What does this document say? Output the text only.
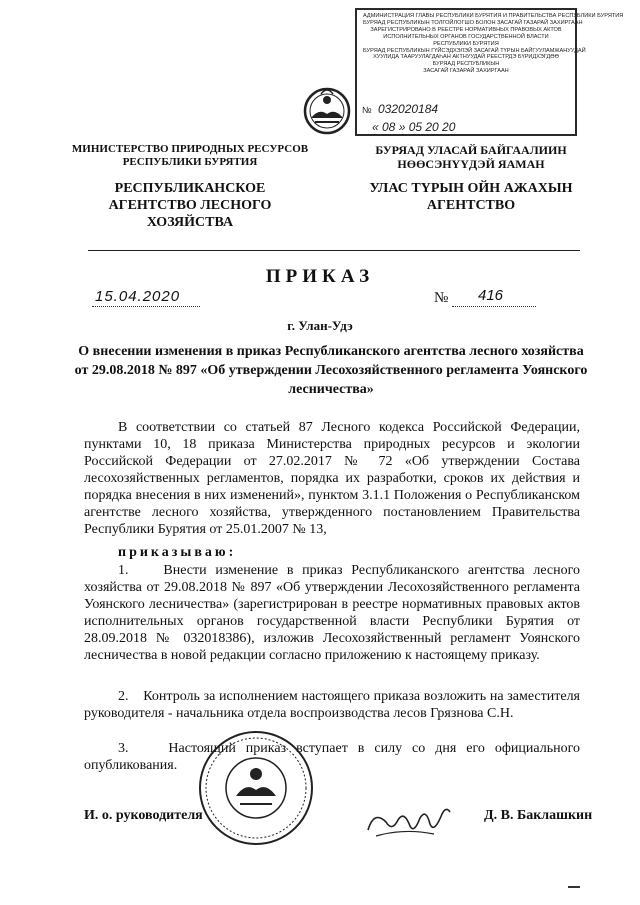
АДМИНИСТРАЦИЯ ГЛАВЫ РЕСПУБЛИКИ БУРЯТИЯ И ПРАВИТЕЛЬСТВА РЕСПУБЛИКИ БУРЯТИЯ
БУРЯАД РЕСПУБЛИКЫН ТОЛГОЙЛОГШО БОЛОН ЗАСАГАЙ ГАЗАРАЙ ЗАХИРГААН
ЗАРЕГИСТРИРОВАНО В РЕЕСТРЕ НОРМАТИВНЫХ ПРАВОВЫХ АКТОВ
ИСПОЛНИТЕЛЬНЫХ ОРГАНОВ ГОСУДАРСТВЕННОЙ ВЛАСТИ
РЕСПУБЛИКИ БУРЯТИЯ
БУРЯАД РЕСПУБЛИКЫН ГҮЙСЭДХЭЛЭЙ ЗАСАГАЙ ТҮРЫН БАЙГУУЛАМЖАНУУДАЙ
ХУУЛИДА ТААРУУЛАГДАҺАН АКТНУУДАЙ РЕЕСТРДЭ БҮРИДХЭГДӨӨ
БУРЯАД РЕСПУБЛИКЫН
ЗАСАГАЙ ГАЗАРАЙ ЗАХИРГААН
№ 032020184
« 08 » 05 20 20
МИНИСТЕРСТВО ПРИРОДНЫХ РЕСУРСОВ РЕСПУБЛИКИ БУРЯТИЯ
РЕСПУБЛИКАНСКОЕ АГЕНТСТВО ЛЕСНОГО ХОЗЯЙСТВА
БУРЯАД УЛАСАЙ БАЙГААЛИИН НӨӨСЭНҮҮДЭЙ ЯАМАН
УЛАС ТҮРЫН ОЙН АЖАХЫН АГЕНТСТВО
ПРИКАЗ
15.04.2020	№ 416
г. Улан-Удэ
О внесении изменения в приказ Республиканского агентства лесного хозяйства от 29.08.2018 № 897 «Об утверждении Лесохозяйственного регламента Уоянского лесничества»
В соответствии со статьей 87 Лесного кодекса Российской Федерации, пунктами 10, 18 приказа Министерства природных ресурсов и экологии Российской Федерации от 27.02.2017 № 72 «Об утверждении Состава лесохозяйственных регламентов, порядка их разработки, сроков их действия и порядка внесения в них изменений», пунктом 3.1.1 Положения о Республиканском агентстве лесного хозяйства, утвержденного постановлением Правительства Республики Бурятия от 25.01.2007 № 13,
приказываю:
1.    Внести изменение в приказ Республиканского агентства лесного хозяйства от 29.08.2018 № 897 «Об утверждении Лесохозяйственного регламента Уоянского лесничества» (зарегистрирован в реестре нормативных правовых актов исполнительных органов государственной власти Республики Бурятия от 28.09.2018 № 032018386), изложив Лесохозяйственный регламент Уоянского лесничества в новой редакции согласно приложению к настоящему приказу.
2.    Контроль за исполнением настоящего приказа возложить на заместителя руководителя - начальника отдела воспроизводства лесов Грязнова С.Н.
3.    Настоящий приказ вступает в силу со дня его официального опубликования.
И. о. руководителя	Д. В. Баклашкин
